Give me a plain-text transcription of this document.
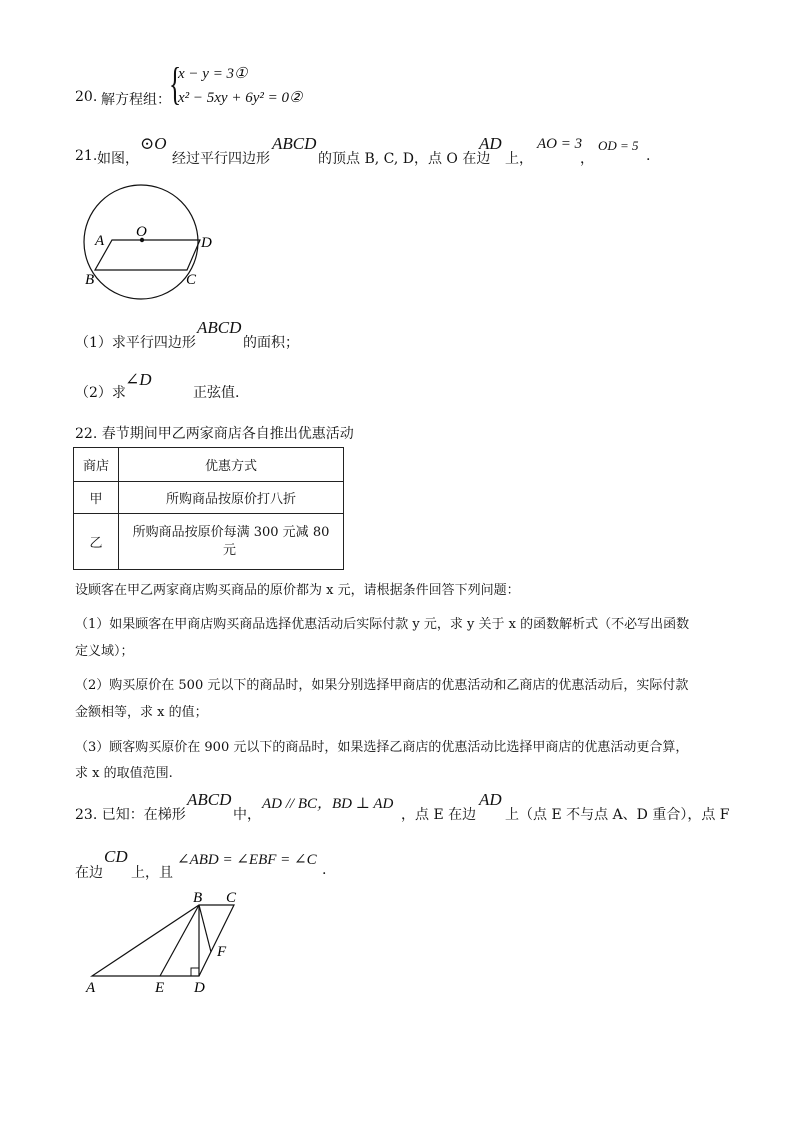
20. 解方程组：
{
x − y = 3①
x² − 5xy + 6y² = 0②
21. 如图，
⊙O
经过平行四边形
ABCD
的顶点 B, C, D，点 O 在边
AD
上，
AO = 3
，
OD = 5
.
O
A	D
B	C
（1）求平行四边形
ABCD
的面积；
（2）求
∠D
正弦值.
22. 春节期间甲乙两家商店各自推出优惠活动
商店	优惠方式
甲	所购商品按原价打八折
乙	所购商品按原价每满 300 元减 80
元
设顾客在甲乙两家商店购买商品的原价都为 x 元，请根据条件回答下列问题：
（1）如果顾客在甲商店购买商品选择优惠活动后实际付款 y 元，求 y 关于 x 的函数解析式（不必写出函数
定义域）；
（2）购买原价在 500 元以下的商品时，如果分别选择甲商店的优惠活动和乙商店的优惠活动后，实际付款
金额相等，求 x 的值；
（3）顾客购买原价在 900 元以下的商品时，如果选择乙商店的优惠活动比选择甲商店的优惠活动更合算，
求 x 的取值范围.
23. 已知：在梯形
ABCD
中，
AD // BC，BD ⊥ AD
，点 E 在边
AD
上（点 E 不与点 A、D 重合），点 F
在边
CD
上，且
∠ABD = ∠EBF = ∠C
.
B C
F
A	E D
